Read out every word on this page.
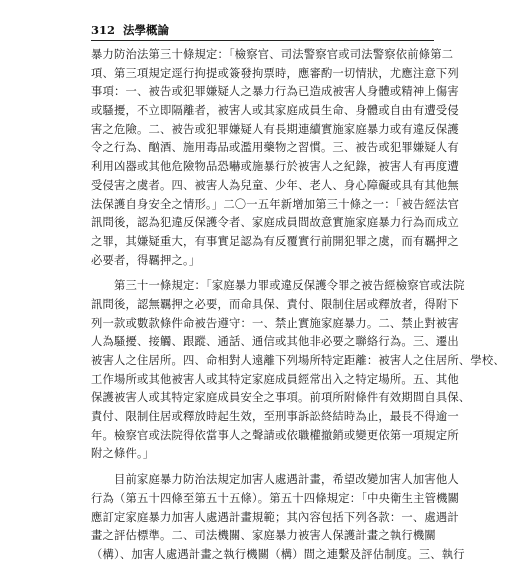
312 法學概論
暴力防治法第三十條規定：「檢察官、司法警察官或司法警察依前條第二
項、第三項規定逕行拘提或簽發拘票時，應審酌一切情狀，尤應注意下列
事項：一、被告或犯罪嫌疑人之暴力行為已造成被害人身體或精神上傷害
或騷擾，不立即隔離者，被害人或其家庭成員生命、身體或自由有遭受侵
害之危險。二、被告或犯罪嫌疑人有長期連續實施家庭暴力或有違反保護
令之行為、酗酒、施用毒品或濫用藥物之習慣。三、被告或犯罪嫌疑人有
利用凶器或其他危險物品恐嚇或施暴行於被害人之紀錄，被害人有再度遭
受侵害之虞者。四、被害人為兒童、少年、老人、身心障礙或具有其他無
法保護自身安全之情形。」二〇一五年新增加第三十條之一：「被告經法官
訊問後，認為犯違反保護令者、家庭成員間故意實施家庭暴力行為而成立
之罪，其嫌疑重大，有事實足認為有反覆實行前開犯罪之虞，而有羈押之
必要者，得羈押之。」
　　第三十一條規定：「家庭暴力罪或違反保護令罪之被告經檢察官或法院
訊問後，認無羈押之必要，而命具保、責付、限制住居或釋放者，得附下
列一款或數款條件命被告遵守：一、禁止實施家庭暴力。二、禁止對被害
人為騷擾、接觸、跟蹤、通話、通信或其他非必要之聯絡行為。三、遷出
被害人之住居所。四、命相對人遠離下列場所特定距離：被害人之住居所、學校、
工作場所或其他被害人或其特定家庭成員經常出入之特定場所。五、其他
保護被害人或其特定家庭成員安全之事項。前項所附條件有效期間自具保、
責付、限制住居或釋放時起生效，至刑事訴訟終結時為止，最長不得逾一
年。檢察官或法院得依當事人之聲請或依職權撤銷或變更依第一項規定所
附之條件。」
　　目前家庭暴力防治法規定加害人處遇計畫，希望改變加害人加害他人
行為（第五十四條至第五十五條）。第五十四條規定：「中央衛生主管機關
應訂定家庭暴力加害人處遇計畫規範；其內容包括下列各款：一、處遇計
畫之評估標準。二、司法機關、家庭暴力被害人保護計畫之執行機關
（構）、加害人處遇計畫之執行機關（構）間之連繫及評估制度。三、執行
